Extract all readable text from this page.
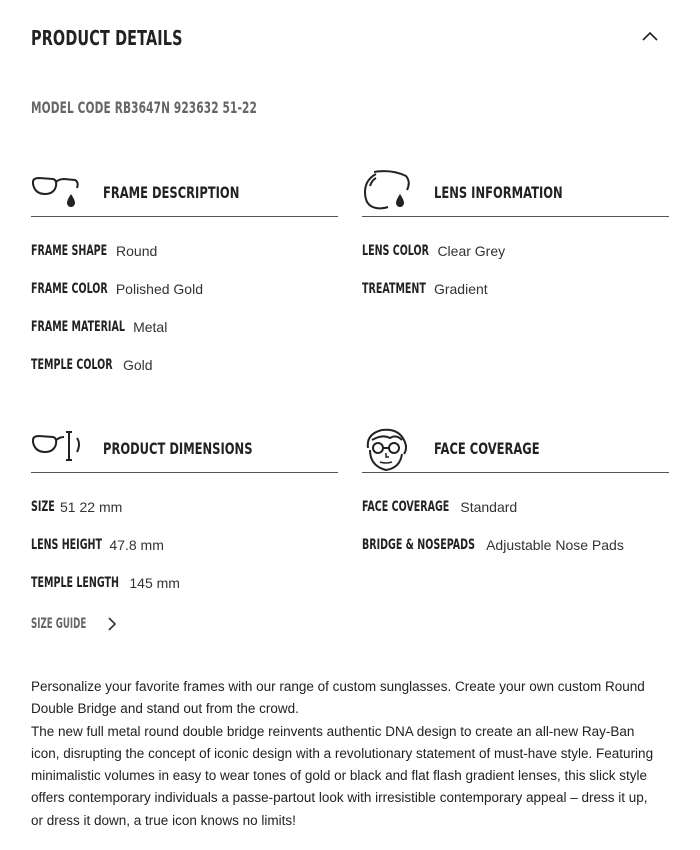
PRODUCT DETAILS
MODEL CODE RB3647N 923632 51-22
FRAME DESCRIPTION
FRAME SHAPE Round
FRAME COLOR Polished Gold
FRAME MATERIAL Metal
TEMPLE COLOR Gold
LENS INFORMATION
LENS COLOR Clear Grey
TREATMENT Gradient
PRODUCT DIMENSIONS
SIZE 51 22 mm
LENS HEIGHT 47.8 mm
TEMPLE LENGTH 145 mm
FACE COVERAGE
FACE COVERAGE Standard
BRIDGE & NOSEPADS Adjustable Nose Pads
SIZE GUIDE

Personalize your favorite frames with our range of custom sunglasses. Create your own custom Round Double Bridge and stand out from the crowd.

The new full metal round double bridge reinvents authentic DNA design to create an all-new Ray-Ban icon, disrupting the concept of iconic design with a revolutionary statement of must-have style. Featuring minimalistic volumes in easy to wear tones of gold or black and flat flash gradient lenses, this slick style offers contemporary individuals a passe-partout look with irresistible contemporary appeal – dress it up, or dress it down, a true icon knows no limits!
